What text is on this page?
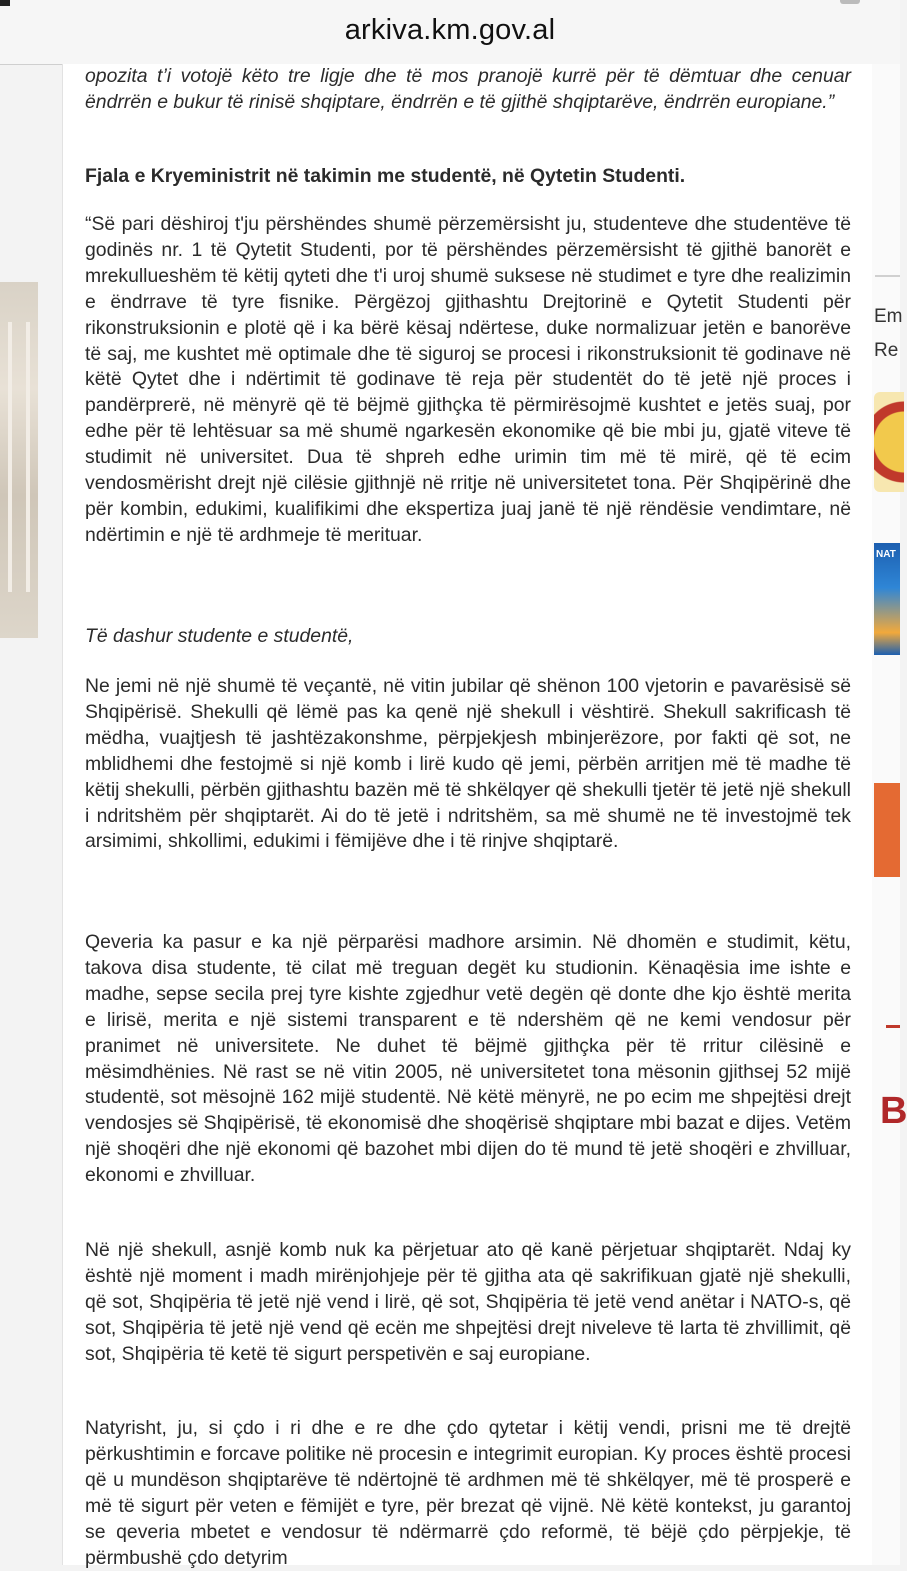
arkiva.km.gov.al
opozita t’i votojë këto tre ligje dhe të mos pranojë kurrë për të dëmtuar dhe cenuar ëndrrën e bukur të rinisë shqiptare, ëndrrën e të gjithë shqiptarëve, ëndrrën europiane.”
Fjala e Kryeministrit në takimin me studentë, në Qytetin Studenti.
“Së pari dëshiroj t'ju përshëndes shumë përzemërsisht ju, studenteve dhe studentëve të godinës nr. 1 të Qytetit Studenti, por të përshëndes përzemërsisht të gjithë banorët e mrekullueshëm të këtij qyteti dhe t'i uroj shumë suksese në studimet e tyre dhe realizimin e ëndrrave të tyre fisnike. Përgëzoj gjithashtu Drejtorinë e Qytetit Studenti për rikonstruksionin e plotë që i ka bërë kësaj ndërtese, duke normalizuar jetën e banorëve të saj, me kushtet më optimale dhe të siguroj se procesi i rikonstruksionit të godinave në këtë Qytet dhe i ndërtimit të godinave të reja për studentët do të jetë një proces i pandërprerë, në mënyrë që të bëjmë gjithçka të përmirësojmë kushtet e jetës suaj, por edhe për të lehtësuar sa më shumë ngarkesën ekonomike që bie mbi ju, gjatë viteve të studimit në universitet. Dua të shpreh edhe urimin tim më të mirë, që të ecim vendosmërisht drejt një cilësie gjithnjë në rritje në universitetet tona. Për Shqipërinë dhe për kombin, edukimi, kualifikimi dhe ekspertiza juaj janë të një rëndësie vendimtare, në ndërtimin e një të ardhmeje të merituar.
Të dashur studente e studentë,
Ne jemi në një shumë të veçantë, në vitin jubilar që shënon 100 vjetorin e pavarësisë së Shqipërisë. Shekulli që lëmë pas ka qenë një shekull i vështirë. Shekull sakrificash të mëdha, vuajtjesh të jashtëzakonshme, përpjekjesh mbinjerëzore, por fakti që sot, ne mblidhemi dhe festojmë si një komb i lirë kudo që jemi, përbën arritjen më të madhe të këtij shekulli, përbën gjithashtu bazën më të shkëlqyer që shekulli tjetër të jetë një shekull i ndritshëm për shqiptarët. Ai do të jetë i ndritshëm, sa më shumë ne të investojmë tek arsimimi, shkollimi, edukimi i fëmijëve dhe i të rinjve shqiptarë.
Qeveria ka pasur e ka një përparësi madhore arsimin. Në dhomën e studimit, këtu, takova disa studente, të cilat më treguan degët ku studionin. Kënaqësia ime ishte e madhe, sepse secila prej tyre kishte zgjedhur vetë degën që donte dhe kjo është merita e lirisë, merita e një sistemi transparent e të ndershëm që ne kemi vendosur për pranimet në universitete. Ne duhet të bëjmë gjithçka për të rritur cilësinë e mësimdhënies. Në rast se në vitin 2005, në universitetet tona mësonin gjithsej 52 mijë studentë, sot mësojnë 162 mijë studentë. Në këtë mënyrë, ne po ecim me shpejtësi drejt vendosjes së Shqipërisë, të ekonomisë dhe shoqërisë shqiptare mbi bazat e dijes. Vetëm një shoqëri dhe një ekonomi që bazohet mbi dijen do të mund të jetë shoqëri e zhvilluar, ekonomi e zhvilluar.
Në një shekull, asnjë komb nuk ka përjetuar ato që kanë përjetuar shqiptarët. Ndaj ky është një moment i madh mirënjohjeje për të gjitha ata që sakrifikuan gjatë një shekulli, që sot, Shqipëria të jetë një vend i lirë, që sot, Shqipëria të jetë vend anëtar i NATO-s, që sot, Shqipëria të jetë një vend që ecën me shpejtësi drejt niveleve të larta të zhvillimit, që sot, Shqipëria të ketë të sigurt perspetivën e saj europiane.
Natyrisht, ju, si çdo i ri dhe e re dhe çdo qytetar i këtij vendi, prisni me të drejtë përkushtimin e forcave politike në procesin e integrimit europian. Ky proces është procesi që u mundëson shqiptarëve të ndërtojnë të ardhmen më të shkëlqyer, më të prosperë e më të sigurt për veten e fëmijët e tyre, për brezat që vijnë. Në këtë kontekst, ju garantoj se qeveria mbetet e vendosur të ndërmarrë çdo reformë, të bëjë çdo përpjekje, të përmbushë çdo detyrim
Em
Re
NAT
B
